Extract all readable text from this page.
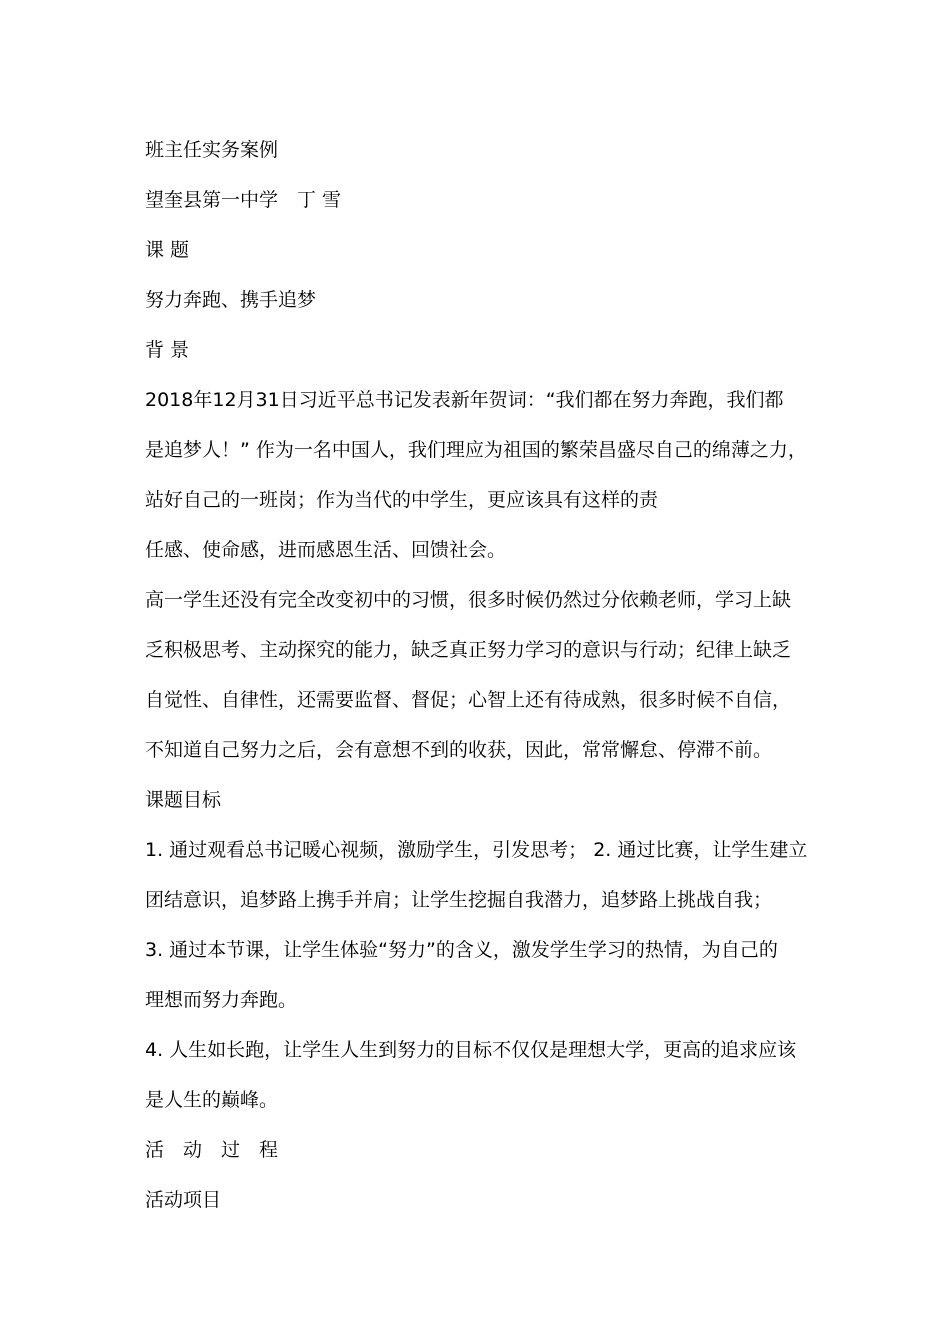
班主任实务案例
望奎县第一中学　丁 雪
课 题
努力奔跑、携手追梦
背 景
2018年12月31日习近平总书记发表新年贺词：“我们都在努力奔跑，我们都
是追梦人！” 作为一名中国人，我们理应为祖国的繁荣昌盛尽自己的绵薄之力，
站好自己的一班岗；作为当代的中学生，更应该具有这样的责
任感、使命感，进而感恩生活、回馈社会。
高一学生还没有完全改变初中的习惯，很多时候仍然过分依赖老师，学习上缺
乏积极思考、主动探究的能力，缺乏真正努力学习的意识与行动；纪律上缺乏
自觉性、自律性，还需要监督、督促；心智上还有待成熟，很多时候不自信，
不知道自己努力之后，会有意想不到的收获，因此，常常懈怠、停滞不前。
课题目标
1. 通过观看总书记暖心视频，激励学生，引发思考； 2. 通过比赛，让学生建立
团结意识，追梦路上携手并肩；让学生挖掘自我潜力，追梦路上挑战自我；
3. 通过本节课，让学生体验“努力”的含义，激发学生学习的热情，为自己的
理想而努力奔跑。
4. 人生如长跑，让学生人生到努力的目标不仅仅是理想大学，更高的追求应该
是人生的巅峰。
活　动　过　程
活动项目
